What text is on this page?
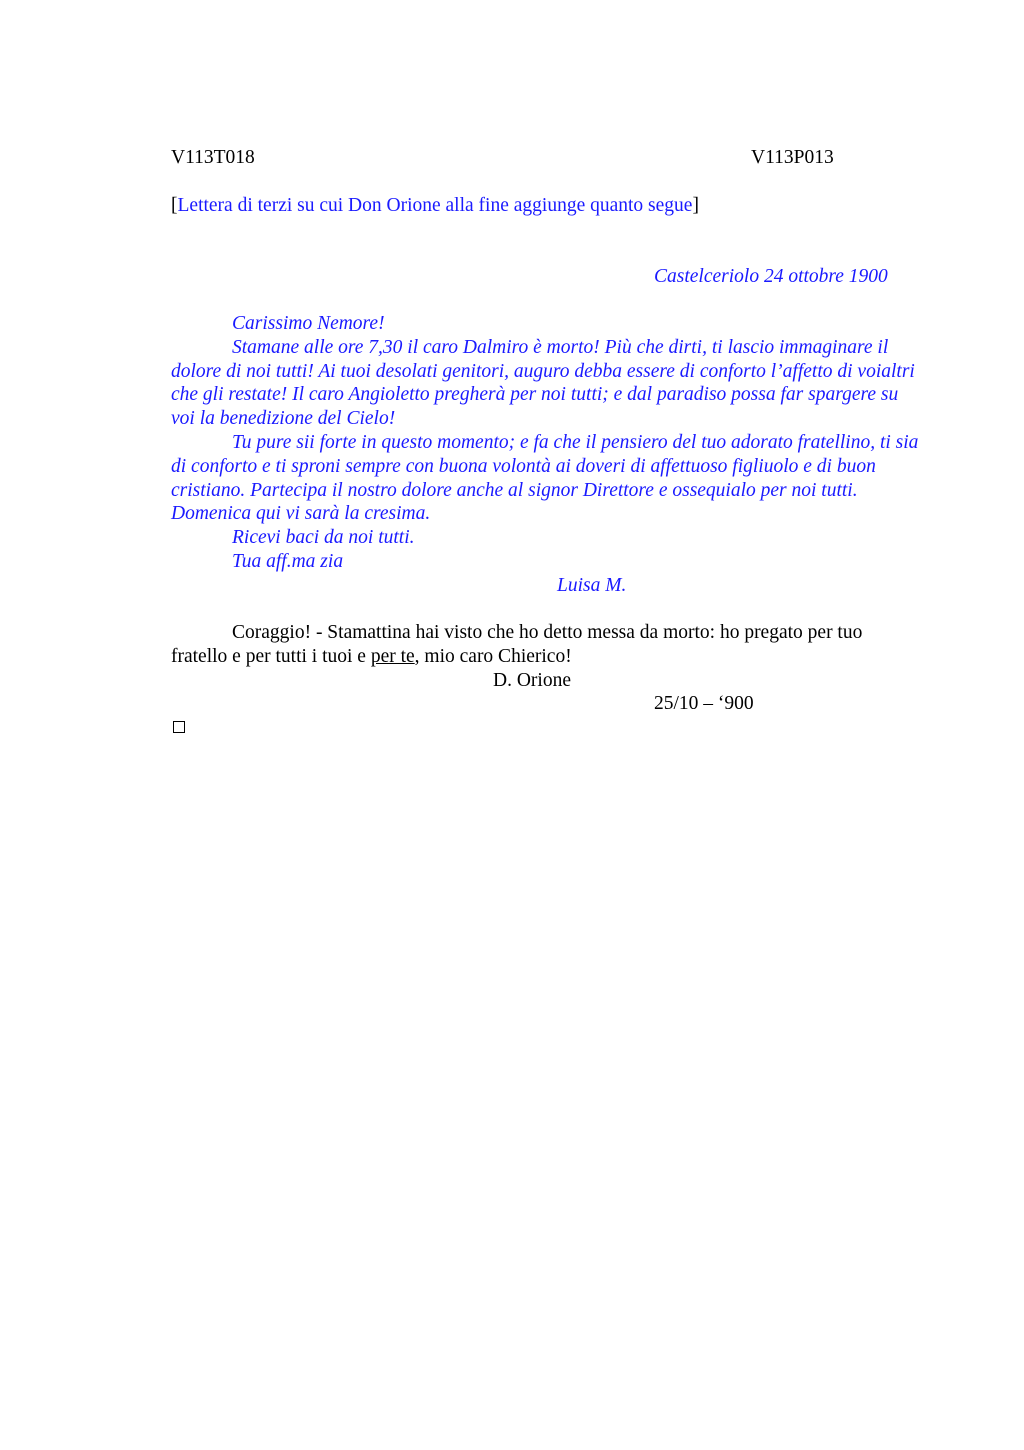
V113T018	V113P013
[Lettera di terzi su cui Don Orione alla fine aggiunge quanto segue]
Castelceriolo 24 ottobre 1900

Carissimo Nemore!

Stamane alle ore 7,30 il caro Dalmiro è morto! Più che dirti, ti lascio immaginare il dolore di noi tutti! Ai tuoi desolati genitori, auguro debba essere di conforto l’affetto di voialtri che gli restate! Il caro Angioletto pregherà per noi tutti; e dal paradiso possa far spargere su voi la benedizione del Cielo!

Tu pure sii forte in questo momento; e fa che il pensiero del tuo adorato fratellino, ti sia di conforto e ti sproni sempre con buona volontà ai doveri di affettuoso figliuolo e di buon cristiano. Partecipa il nostro dolore anche al signor Direttore e ossequialo per noi tutti. Domenica qui vi sarà la cresima.

Ricevi baci da noi tutti.

Tua aff.ma zia

Luisa M.

Coraggio! - Stamattina hai visto che ho detto messa da morto: ho pregato per tuo fratello e per tutti i tuoi e per te, mio caro Chierico!

D. Orione
25/10 – ‘900
